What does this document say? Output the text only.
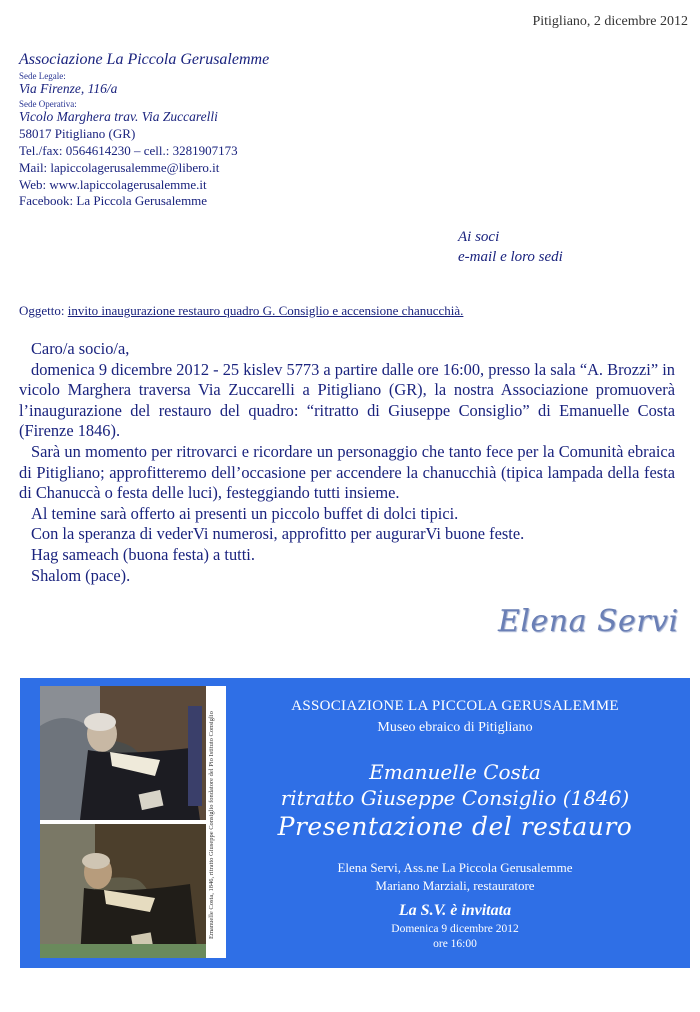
Pitigliano, 2 dicembre 2012
Associazione La Piccola Gerusalemme
Sede Legale:
Via Firenze, 116/a
Sede Operativa:
Vicolo Marghera trav. Via Zuccarelli
58017 Pitigliano (GR)
Tel./fax: 0564614230 – cell.: 3281907173
Mail: lapiccolagerusalemme@libero.it
Web: www.lapiccolagerusalemme.it
Facebook: La Piccola Gerusalemme
Ai soci
e-mail e loro sedi
Oggetto: invito inaugurazione restauro quadro G. Consiglio e accensione chanucchià.

Caro/a socio/a,

domenica 9 dicembre 2012 - 25 kislev 5773 a partire dalle ore 16:00, presso la sala “A. Brozzi” in vicolo Marghera traversa Via Zuccarelli a Pitigliano (GR), la nostra Associazione promuoverà l’inaugurazione del restauro del quadro: “ritratto di Giuseppe Consiglio” di Emanuelle Costa (Firenze 1846).

Sarà un momento per ritrovarci e ricordare un personaggio che tanto fece per la Comunità ebraica di Pitigliano; approfitteremo dell’occasione per accendere la chanucchià (tipica lampada della festa di Chanuccà o festa delle luci), festeggiando tutti insieme.

Al temine sarà offerto ai presenti un piccolo buffet di dolci tipici.

Con la speranza di vederVi numerosi, approfitto per augurarVi buone feste.

Hag sameach (buona festa) a tutti.

Shalom (pace).

Elena Servi
Emanuelle Costa, 1846, ritratto Giuseppe Consiglio fondatore del Pio Istituto Consiglio
ASSOCIAZIONE LA PICCOLA GERUSALEMME
Museo ebraico di Pitigliano
Emanuelle Costa
ritratto Giuseppe Consiglio (1846)
Presentazione del restauro
Elena Servi, Ass.ne La Piccola Gerusalemme
Mariano Marziali, restauratore
La S.V. è invitata
Domenica 9 dicembre 2012
ore 16:00
